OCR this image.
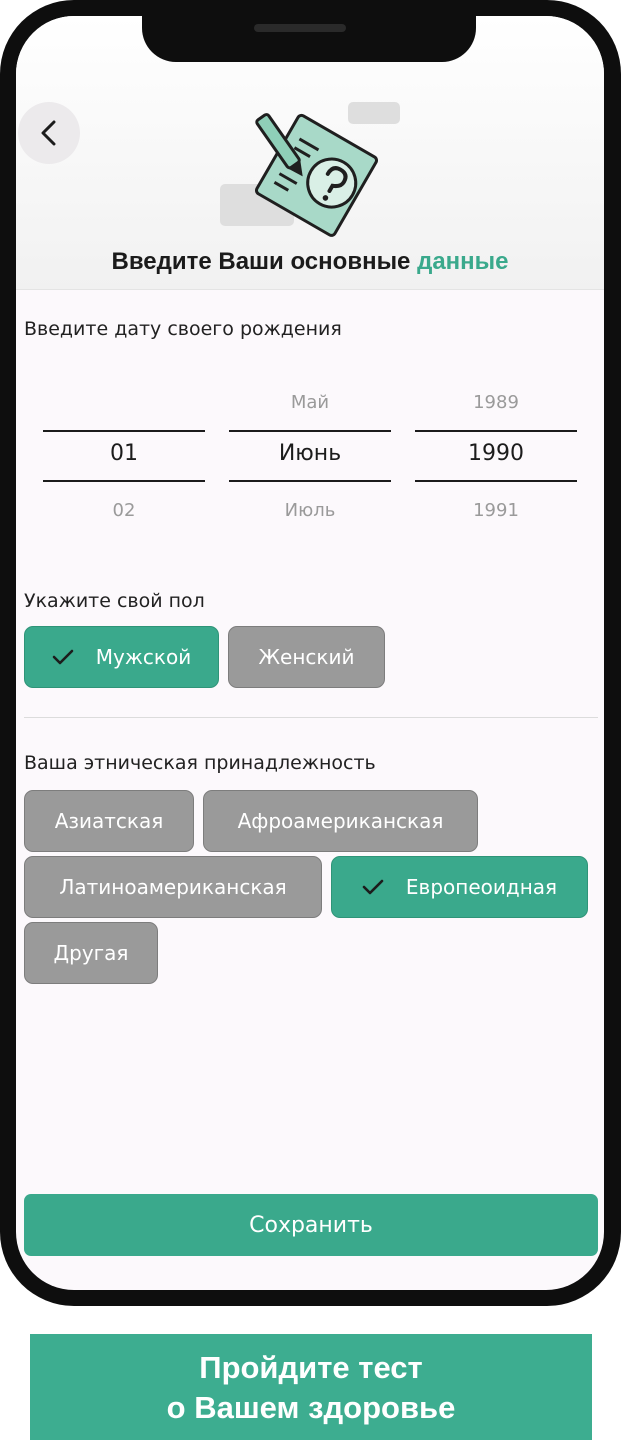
Введите Ваши основные данные
Введите дату своего рождения
01
02
Май
Июнь
Июль
1989
1990
1991
Укажите свой пол
Мужской	Женский
Ваша этническая принадлежность
Азиатская	Афроамериканская
Латиноамериканская	Европеоидная
Другая
Сохранить
Пройдите тест
о Вашем здоровье
